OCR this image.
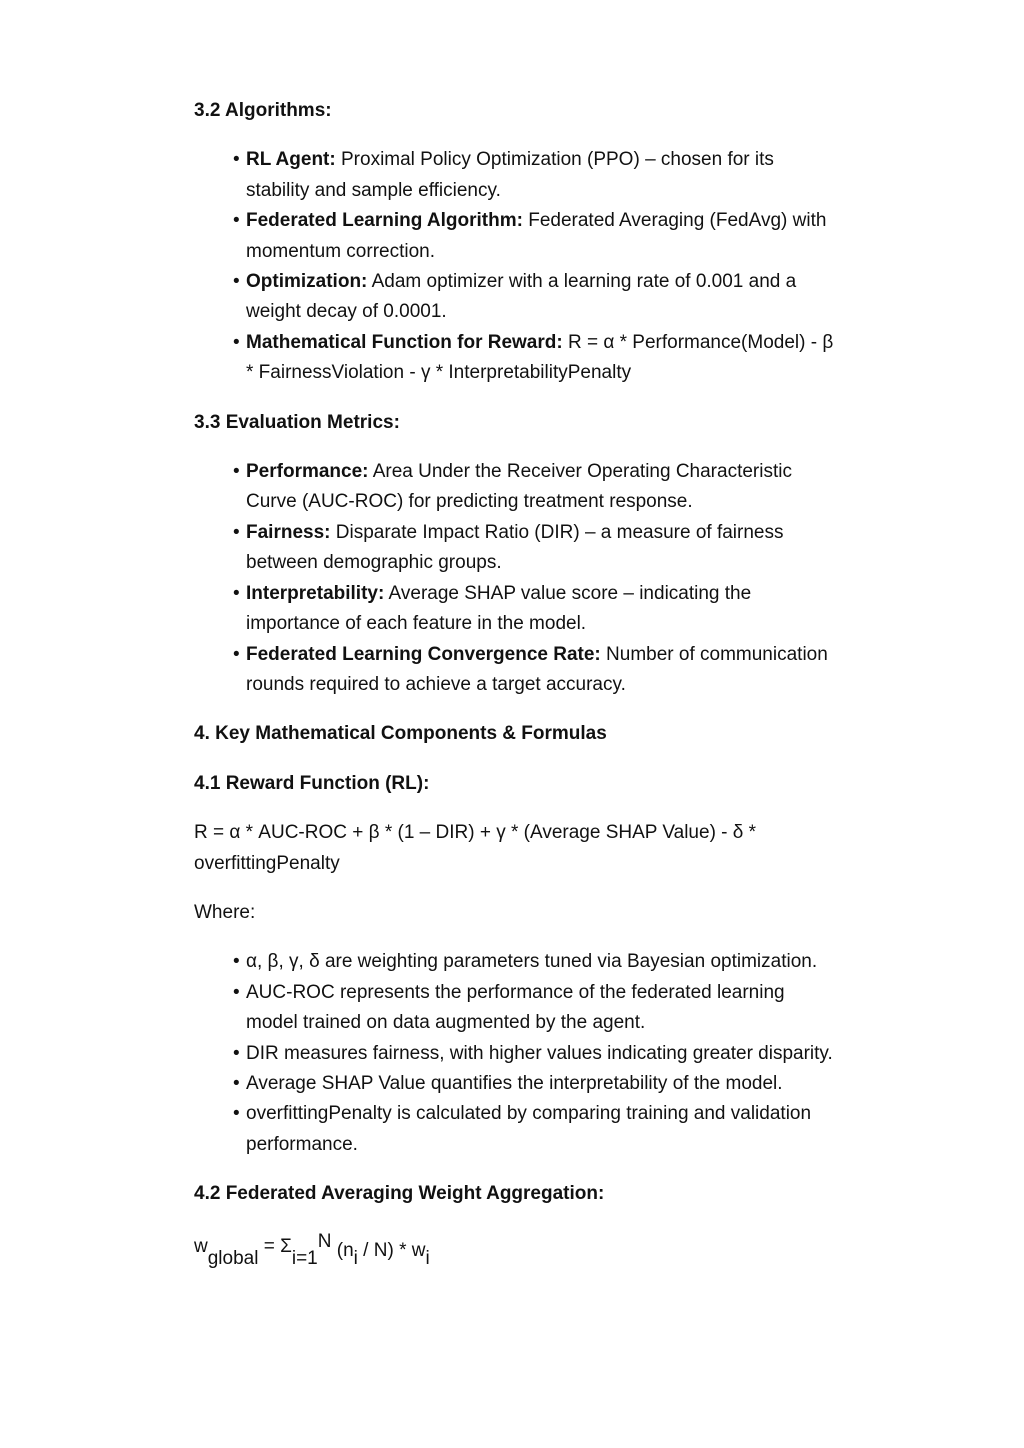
3.2 Algorithms:
• RL Agent: Proximal Policy Optimization (PPO) – chosen for its stability and sample efficiency.
• Federated Learning Algorithm: Federated Averaging (FedAvg) with momentum correction.
• Optimization: Adam optimizer with a learning rate of 0.001 and a weight decay of 0.0001.
• Mathematical Function for Reward: R = α * Performance(Model) - β * FairnessViolation - γ * InterpretabilityPenalty
3.3 Evaluation Metrics:
• Performance: Area Under the Receiver Operating Characteristic Curve (AUC-ROC) for predicting treatment response.
• Fairness: Disparate Impact Ratio (DIR) – a measure of fairness between demographic groups.
• Interpretability: Average SHAP value score – indicating the importance of each feature in the model.
• Federated Learning Convergence Rate: Number of communication rounds required to achieve a target accuracy.
4. Key Mathematical Components & Formulas
4.1 Reward Function (RL):

R = α * AUC-ROC + β * (1 – DIR) + γ * (Average SHAP Value) - δ * overfittingPenalty

Where:

• α, β, γ, δ are weighting parameters tuned via Bayesian optimization.
• AUC-ROC represents the performance of the federated learning model trained on data augmented by the agent.
• DIR measures fairness, with higher values indicating greater disparity.
• Average SHAP Value quantifies the interpretability of the model.
• overfittingPenalty is calculated by comparing training and validation performance.
4.2 Federated Averaging Weight Aggregation:

$w_{global} = \Sigma_{i=1}^N$ $(n_i / N) * w_i$
